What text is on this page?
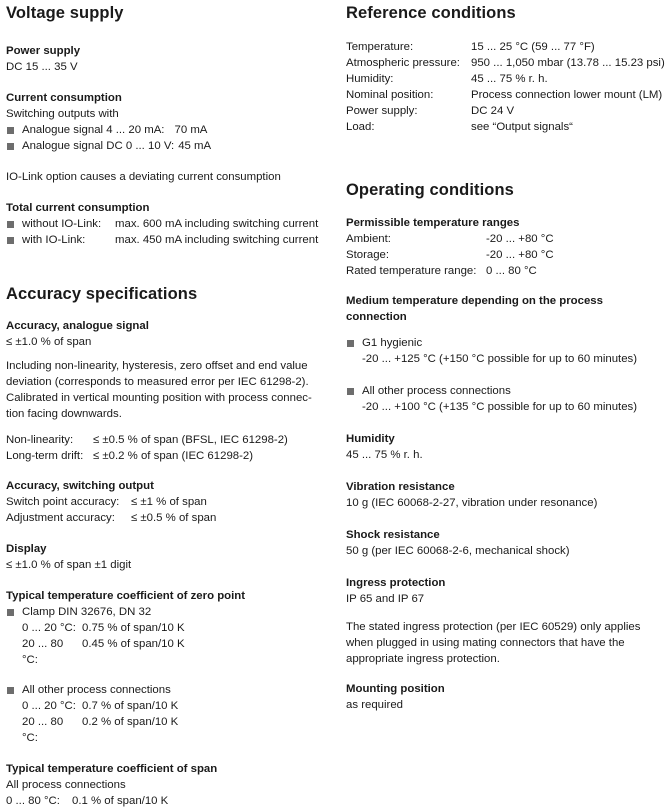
Voltage supply
Power supply
DC 15 ... 35 V
Current consumption
Switching outputs with
Analogue signal 4 ... 20 mA: 70 mA
Analogue signal DC 0 ... 10 V: 45 mA
IO-Link option causes a deviating current consumption
Total current consumption
without IO-Link: max. 600 mA including switching current
with IO-Link:	max. 450 mA including switching current
Accuracy specifications
Accuracy, analogue signal
≤ ±1.0 % of span
Including non-linearity, hysteresis, zero offset and end value
deviation (corresponds to measured error per IEC 61298-2).
Calibrated in vertical mounting position with process connec-
tion facing downwards.
Non-linearity:	≤ ±0.5 % of span (BFSL, IEC 61298-2)
Long-term drift: ≤ ±0.2 % of span (IEC 61298-2)
Accuracy, switching output
Switch point accuracy:	≤ ±1 % of span
Adjustment accuracy:	≤ ±0.5 % of span
Display
≤ ±1.0 % of span ±1 digit
Typical temperature coefficient of zero point
Clamp DIN 32676, DN 32
0 ... 20 °C: 0.75 % of span/10 K
20 ... 80 °C:
0.45 % of span/10 K
All other process connections
0 ... 20 °C: 0.7 % of span/10 K
20 ... 80 °C:
0.2 % of span/10 K
Typical temperature coefficient of span
All process connections
0 ... 80 °C:	0.1 % of span/10 K
Reference conditions
Temperature:	15 ... 25 °C (59 ... 77 °F)
Atmospheric pressure: 950 ... 1,050 mbar (13.78 ... 15.23 psi)
Humidity:	45 ... 75 % r. h.
Nominal position:	Process connection lower mount (LM)
Power supply:	DC 24 V
Load:	see “Output signals“
Operating conditions
Permissible temperature ranges
Ambient:	-20 ... +80 °C
Storage:	-20 ... +80 °C
Rated temperature range: 0 ... 80 °C
Medium temperature depending on the process
connection
G1 hygienic
-20 ... +125 °C (+150 °C possible for up to 60 minutes)
All other process connections
-20 ... +100 °C (+135 °C possible for up to 60 minutes)
Humidity
45 ... 75 % r. h.
Vibration resistance
10 g (IEC 60068-2-27, vibration under resonance)
Shock resistance
50 g (per IEC 60068-2-6, mechanical shock)
Ingress protection
IP 65 and IP 67
The stated ingress protection (per IEC 60529) only applies
when plugged in using mating connectors that have the
appropriate ingress protection.
Mounting position
as required
